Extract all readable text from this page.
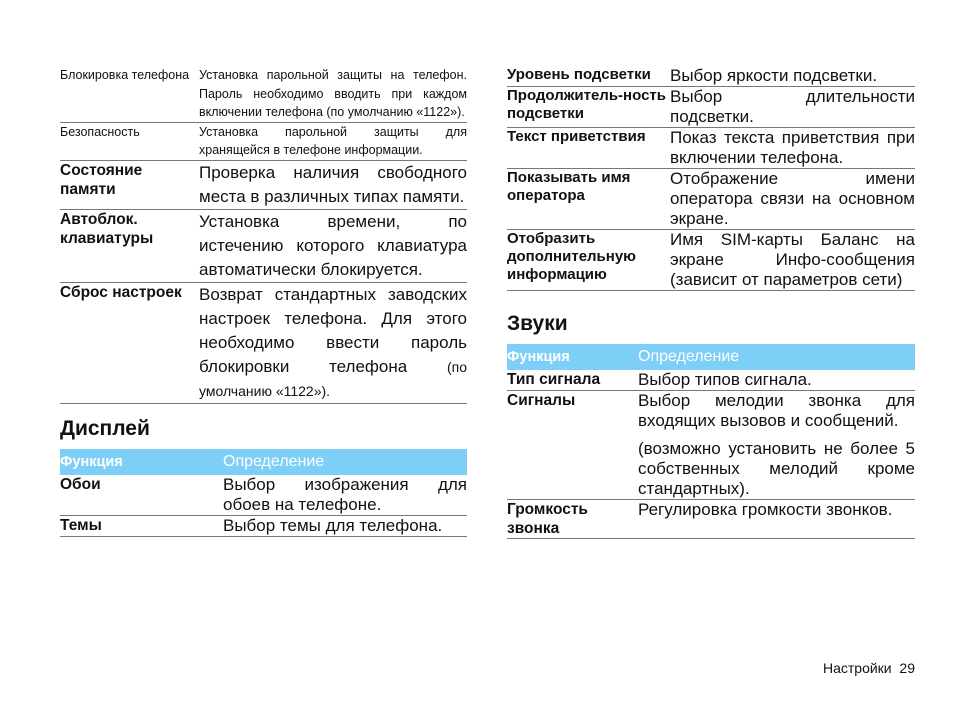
Блокировка телефона	Установка парольной защиты на телефон. Пароль необходимо вводить при каждом включении телефона (по умолчанию «1122»).
Безопасность	Установка парольной защиты для хранящейся в телефоне информации.
Состояние памяти	Проверка наличия свободного места в различных типах памяти.
Автоблок. клавиатуры	Установка времени, по истечению которого клавиатура автоматически блокируется.
Сброс настроек	Возврат стандартных заводских настроек телефона. Для этого необходимо ввести пароль блокировки телефона (по умолчанию «1122»).
Дисплей
Функция	Определение
Обои	Выбор изображения для обоев на телефоне.
Темы	Выбор темы для телефона.
Уровень подсветки	Выбор яркости подсветки.
Продолжитель-ность подсветки	Выбор длительности подсветки.
Текст приветствия	Показ текста приветствия при включении телефона.
Показывать имя оператора	Отображение имени оператора связи на основном экране.
Отобразить дополнительную информацию	Имя SIM-карты Баланс на экране Инфо-сообщения (зависит от параметров сети)
Звуки
Функция	Определение
Тип сигнала	Выбор типов сигнала.
Сигналы	Выбор мелодии звонка для входящих вызовов и сообщений.

(возможно установить не более 5 собственных мелодий кроме стандартных).

Громкость звонка	Регулировка громкости звонков.
Настройки 29
